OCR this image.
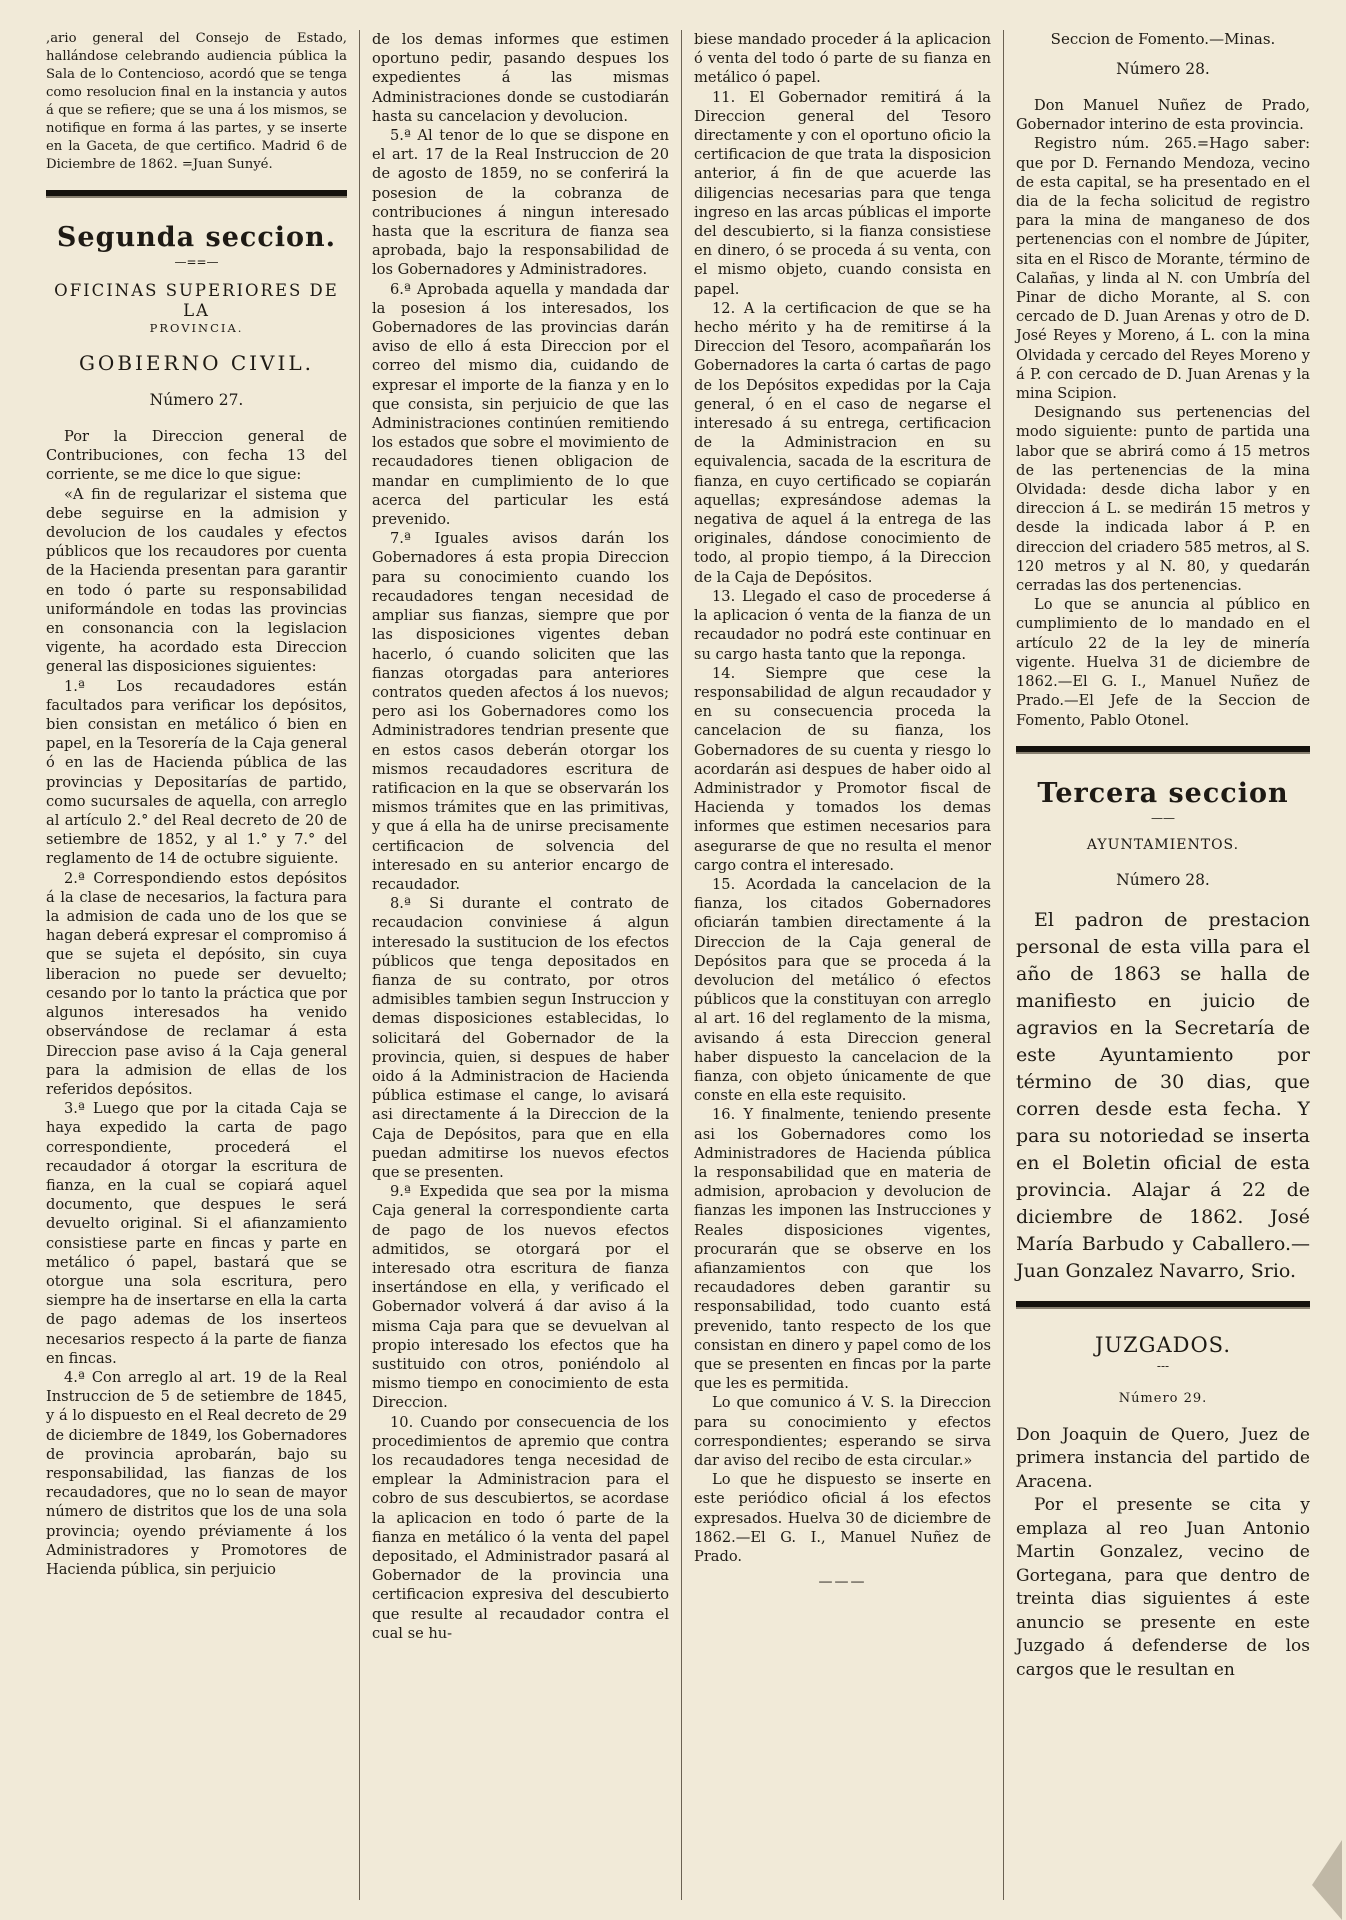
,ario general del Consejo de Estado, hallándose celebrando audiencia pública la Sala de lo Contencioso, acordó que se tenga como resolucion final en la instancia y autos á que se refiere; que se una á los mismos, se notifique en forma á las partes, y se inserte en la Gaceta, de que certifico. Madrid 6 de Diciembre de 1862. =Juan Sunyé.

Segunda seccion.
—==—
OFICINAS SUPERIORES DE LA
PROVINCIA.
GOBIERNO CIVIL.
Número 27.

Por la Direccion general de Contribuciones, con fecha 13 del corriente, se me dice lo que sigue:

«A fin de regularizar el sistema que debe seguirse en la admision y devolucion de los caudales y efectos públicos que los recaudores por cuenta de la Hacienda presentan para garantir en todo ó parte su responsabilidad uniformándole en todas las provincias en consonancia con la legislacion vigente, ha acordado esta Direccion general las disposiciones siguientes:

1.ª Los recaudadores están facultados para verificar los depósitos, bien consistan en metálico ó bien en papel, en la Tesorería de la Caja general ó en las de Hacienda pública de las provincias y Depositarías de partido, como sucursales de aquella, con arreglo al artículo 2.° del Real decreto de 20 de setiembre de 1852, y al 1.° y 7.° del reglamento de 14 de octubre siguiente.

2.ª Correspondiendo estos depósitos á la clase de necesarios, la factura para la admision de cada uno de los que se hagan deberá expresar el compromiso á que se sujeta el depósito, sin cuya liberacion no puede ser devuelto; cesando por lo tanto la práctica que por algunos interesados ha venido observándose de reclamar á esta Direccion pase aviso á la Caja general para la admision de ellas de los referidos depósitos.

3.ª Luego que por la citada Caja se haya expedido la carta de pago correspondiente, procederá el recaudador á otorgar la escritura de fianza, en la cual se copiará aquel documento, que despues le será devuelto original. Si el afianzamiento consistiese parte en fincas y parte en metálico ó papel, bastará que se otorgue una sola escritura, pero siempre ha de insertarse en ella la carta de pago ademas de los inserteos necesarios respecto á la parte de fianza en fincas.

4.ª Con arreglo al art. 19 de la Real Instruccion de 5 de setiembre de 1845, y á lo dispuesto en el Real decreto de 29 de diciembre de 1849, los Gobernadores de provincia aprobarán, bajo su responsabilidad, las fianzas de los recaudadores, que no lo sean de mayor número de distritos que los de una sola provincia; oyendo préviamente á los Administradores y Promotores de Hacienda pública, sin perjuicio

de los demas informes que estimen oportuno pedir, pasando despues los expedientes á las mismas Administraciones donde se custodiarán hasta su cancelacion y devolucion.

5.ª Al tenor de lo que se dispone en el art. 17 de la Real Instruccion de 20 de agosto de 1859, no se conferirá la posesion de la cobranza de contribuciones á ningun interesado hasta que la escritura de fianza sea aprobada, bajo la responsabilidad de los Gobernadores y Administradores.

6.ª Aprobada aquella y mandada dar la posesion á los interesados, los Gobernadores de las provincias darán aviso de ello á esta Direccion por el correo del mismo dia, cuidando de expresar el importe de la fianza y en lo que consista, sin perjuicio de que las Administraciones continúen remitiendo los estados que sobre el movimiento de recaudadores tienen obligacion de mandar en cumplimiento de lo que acerca del particular les está prevenido.

7.ª Iguales avisos darán los Gobernadores á esta propia Direccion para su conocimiento cuando los recaudadores tengan necesidad de ampliar sus fianzas, siempre que por las disposiciones vigentes deban hacerlo, ó cuando soliciten que las fianzas otorgadas para anteriores contratos queden afectos á los nuevos; pero asi los Gobernadores como los Administradores tendrian presente que en estos casos deberán otorgar los mismos recaudadores escritura de ratificacion en la que se observarán los mismos trámites que en las primitivas, y que á ella ha de unirse precisamente certificacion de solvencia del interesado en su anterior encargo de recaudador.

8.ª Si durante el contrato de recaudacion conviniese á algun interesado la sustitucion de los efectos públicos que tenga depositados en fianza de su contrato, por otros admisibles tambien segun Instruccion y demas disposiciones establecidas, lo solicitará del Gobernador de la provincia, quien, si despues de haber oido á la Administracion de Hacienda pública estimase el cange, lo avisará asi directamente á la Direccion de la Caja de Depósitos, para que en ella puedan admitirse los nuevos efectos que se presenten.

9.ª Expedida que sea por la misma Caja general la correspondiente carta de pago de los nuevos efectos admitidos, se otorgará por el interesado otra escritura de fianza insertándose en ella, y verificado el Gobernador volverá á dar aviso á la misma Caja para que se devuelvan al propio interesado los efectos que ha sustituido con otros, poniéndolo al mismo tiempo en conocimiento de esta Direccion.

10. Cuando por consecuencia de los procedimientos de apremio que contra los recaudadores tenga necesidad de emplear la Administracion para el cobro de sus descubiertos, se acordase la aplicacion en todo ó parte de la fianza en metálico ó la venta del papel depositado, el Administrador pasará al Gobernador de la provincia una certificacion expresiva del descubierto que resulte al recaudador contra el cual se hu-

biese mandado proceder á la aplicacion ó venta del todo ó parte de su fianza en metálico ó papel.

11. El Gobernador remitirá á la Direccion general del Tesoro directamente y con el oportuno oficio la certificacion de que trata la disposicion anterior, á fin de que acuerde las diligencias necesarias para que tenga ingreso en las arcas públicas el importe del descubierto, si la fianza consistiese en dinero, ó se proceda á su venta, con el mismo objeto, cuando consista en papel.

12. A la certificacion de que se ha hecho mérito y ha de remitirse á la Direccion del Tesoro, acompañarán los Gobernadores la carta ó cartas de pago de los Depósitos expedidas por la Caja general, ó en el caso de negarse el interesado á su entrega, certificacion de la Administracion en su equivalencia, sacada de la escritura de fianza, en cuyo certificado se copiarán aquellas; expresándose ademas la negativa de aquel á la entrega de las originales, dándose conocimiento de todo, al propio tiempo, á la Direccion de la Caja de Depósitos.

13. Llegado el caso de procederse á la aplicacion ó venta de la fianza de un recaudador no podrá este continuar en su cargo hasta tanto que la reponga.

14. Siempre que cese la responsabilidad de algun recaudador y en su consecuencia proceda la cancelacion de su fianza, los Gobernadores de su cuenta y riesgo lo acordarán asi despues de haber oido al Administrador y Promotor fiscal de Hacienda y tomados los demas informes que estimen necesarios para asegurarse de que no resulta el menor cargo contra el interesado.

15. Acordada la cancelacion de la fianza, los citados Gobernadores oficiarán tambien directamente á la Direccion de la Caja general de Depósitos para que se proceda á la devolucion del metálico ó efectos públicos que la constituyan con arreglo al art. 16 del reglamento de la misma, avisando á esta Direccion general haber dispuesto la cancelacion de la fianza, con objeto únicamente de que conste en ella este requisito.

16. Y finalmente, teniendo presente asi los Gobernadores como los Administradores de Hacienda pública la responsabilidad que en materia de admision, aprobacion y devolucion de fianzas les imponen las Instrucciones y Reales disposiciones vigentes, procurarán que se observe en los afianzamientos con que los recaudadores deben garantir su responsabilidad, todo cuanto está prevenido, tanto respecto de los que consistan en dinero y papel como de los que se presenten en fincas por la parte que les es permitida.

Lo que comunico á V. S. la Direccion para su conocimiento y efectos correspondientes; esperando se sirva dar aviso del recibo de esta circular.»

Lo que he dispuesto se inserte en este periódico oficial á los efectos expresados. Huelva 30 de diciembre de 1862.—El G. I., Manuel Nuñez de Prado.

———
Seccion de Fomento.—Minas.
Número 28.

Don Manuel Nuñez de Prado, Gobernador interino de esta provincia.

Registro núm. 265.=Hago saber: que por D. Fernando Mendoza, vecino de esta capital, se ha presentado en el dia de la fecha solicitud de registro para la mina de manganeso de dos pertenencias con el nombre de Júpiter, sita en el Risco de Morante, término de Calañas, y linda al N. con Umbría del Pinar de dicho Morante, al S. con cercado de D. Juan Arenas y otro de D. José Reyes y Moreno, á L. con la mina Olvidada y cercado del Reyes Moreno y á P. con cercado de D. Juan Arenas y la mina Scipion.

Designando sus pertenencias del modo siguiente: punto de partida una labor que se abrirá como á 15 metros de las pertenencias de la mina Olvidada: desde dicha labor y en direccion á L. se medirán 15 metros y desde la indicada labor á P. en direccion del criadero 585 metros, al S. 120 metros y al N. 80, y quedarán cerradas las dos pertenencias.

Lo que se anuncia al público en cumplimiento de lo mandado en el artículo 22 de la ley de minería vigente. Huelva 31 de diciembre de 1862.—El G. I., Manuel Nuñez de Prado.—El Jefe de la Seccion de Fomento, Pablo Otonel.

Tercera seccion
——
AYUNTAMIENTOS.
Número 28.

El padron de prestacion personal de esta villa para el año de 1863 se halla de manifiesto en juicio de agravios en la Secretaría de este Ayuntamiento por término de 30 dias, que corren desde esta fecha. Y para su notoriedad se inserta en el Boletin oficial de esta provincia. Alajar á 22 de diciembre de 1862. José María Barbudo y Caballero.—Juan Gonzalez Navarro, Srio.

JUZGADOS.
---
Número 29.

Don Joaquin de Quero, Juez de primera instancia del partido de Aracena.

Por el presente se cita y emplaza al reo Juan Antonio Martin Gonzalez, vecino de Gortegana, para que dentro de treinta dias siguientes á este anuncio se presente en este Juzgado á defenderse de los cargos que le resultan en
